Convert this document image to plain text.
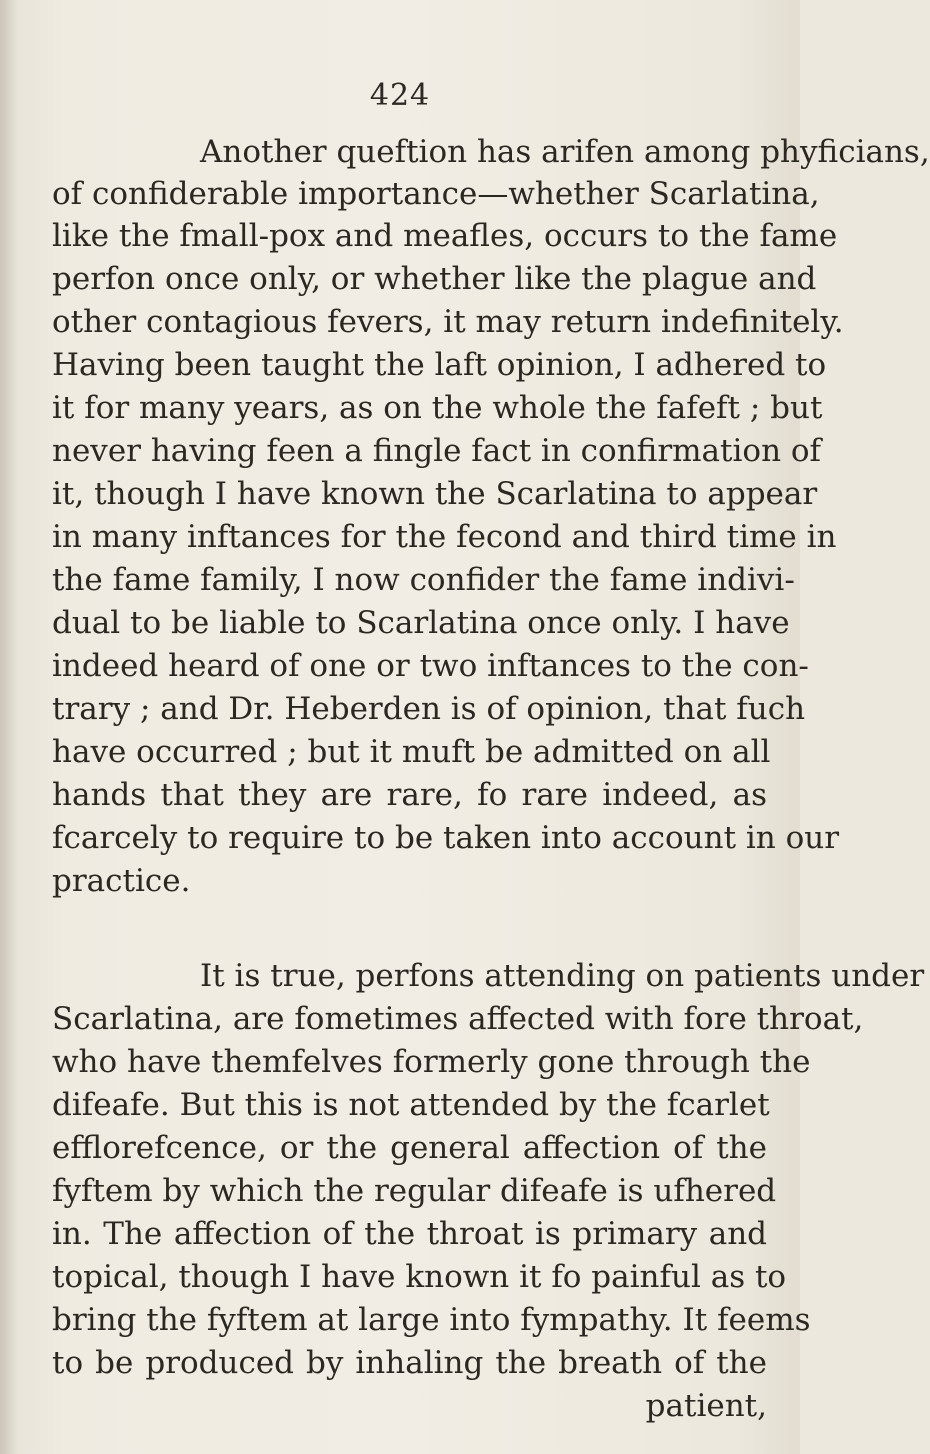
424
Another queftion has arifen among phyficians,
of confiderable importance—whether Scarlatina,
like the fmall-pox and meafles, occurs to the fame
perfon once only, or whether like the plague and
other contagious fevers, it may return indefinitely.
Having been taught the laft opinion, I adhered to
it for many years, as on the whole the fafeft ; but
never having feen a fingle fact in confirmation of
it, though I have known the Scarlatina to appear
in many inftances for the fecond and third time in
the fame family, I now confider the fame indivi-
dual to be liable to Scarlatina once only. I have
indeed heard of one or two inftances to the con-
trary ; and Dr. Heberden is of opinion, that fuch
have occurred ; but it muft be admitted on all
hands that they are rare, fo rare indeed, as
fcarcely to require to be taken into account in our
practice.
It is true, perfons attending on patients under
Scarlatina, are fometimes affected with fore throat,
who have themfelves formerly gone through the
difeafe. But this is not attended by the fcarlet
efflorefcence, or the general affection of the
fyftem by which the regular difeafe is ufhered
in. The affection of the throat is primary and
topical, though I have known it fo painful as to
bring the fyftem at large into fympathy. It feems
to be produced by inhaling the breath of the
patient,
